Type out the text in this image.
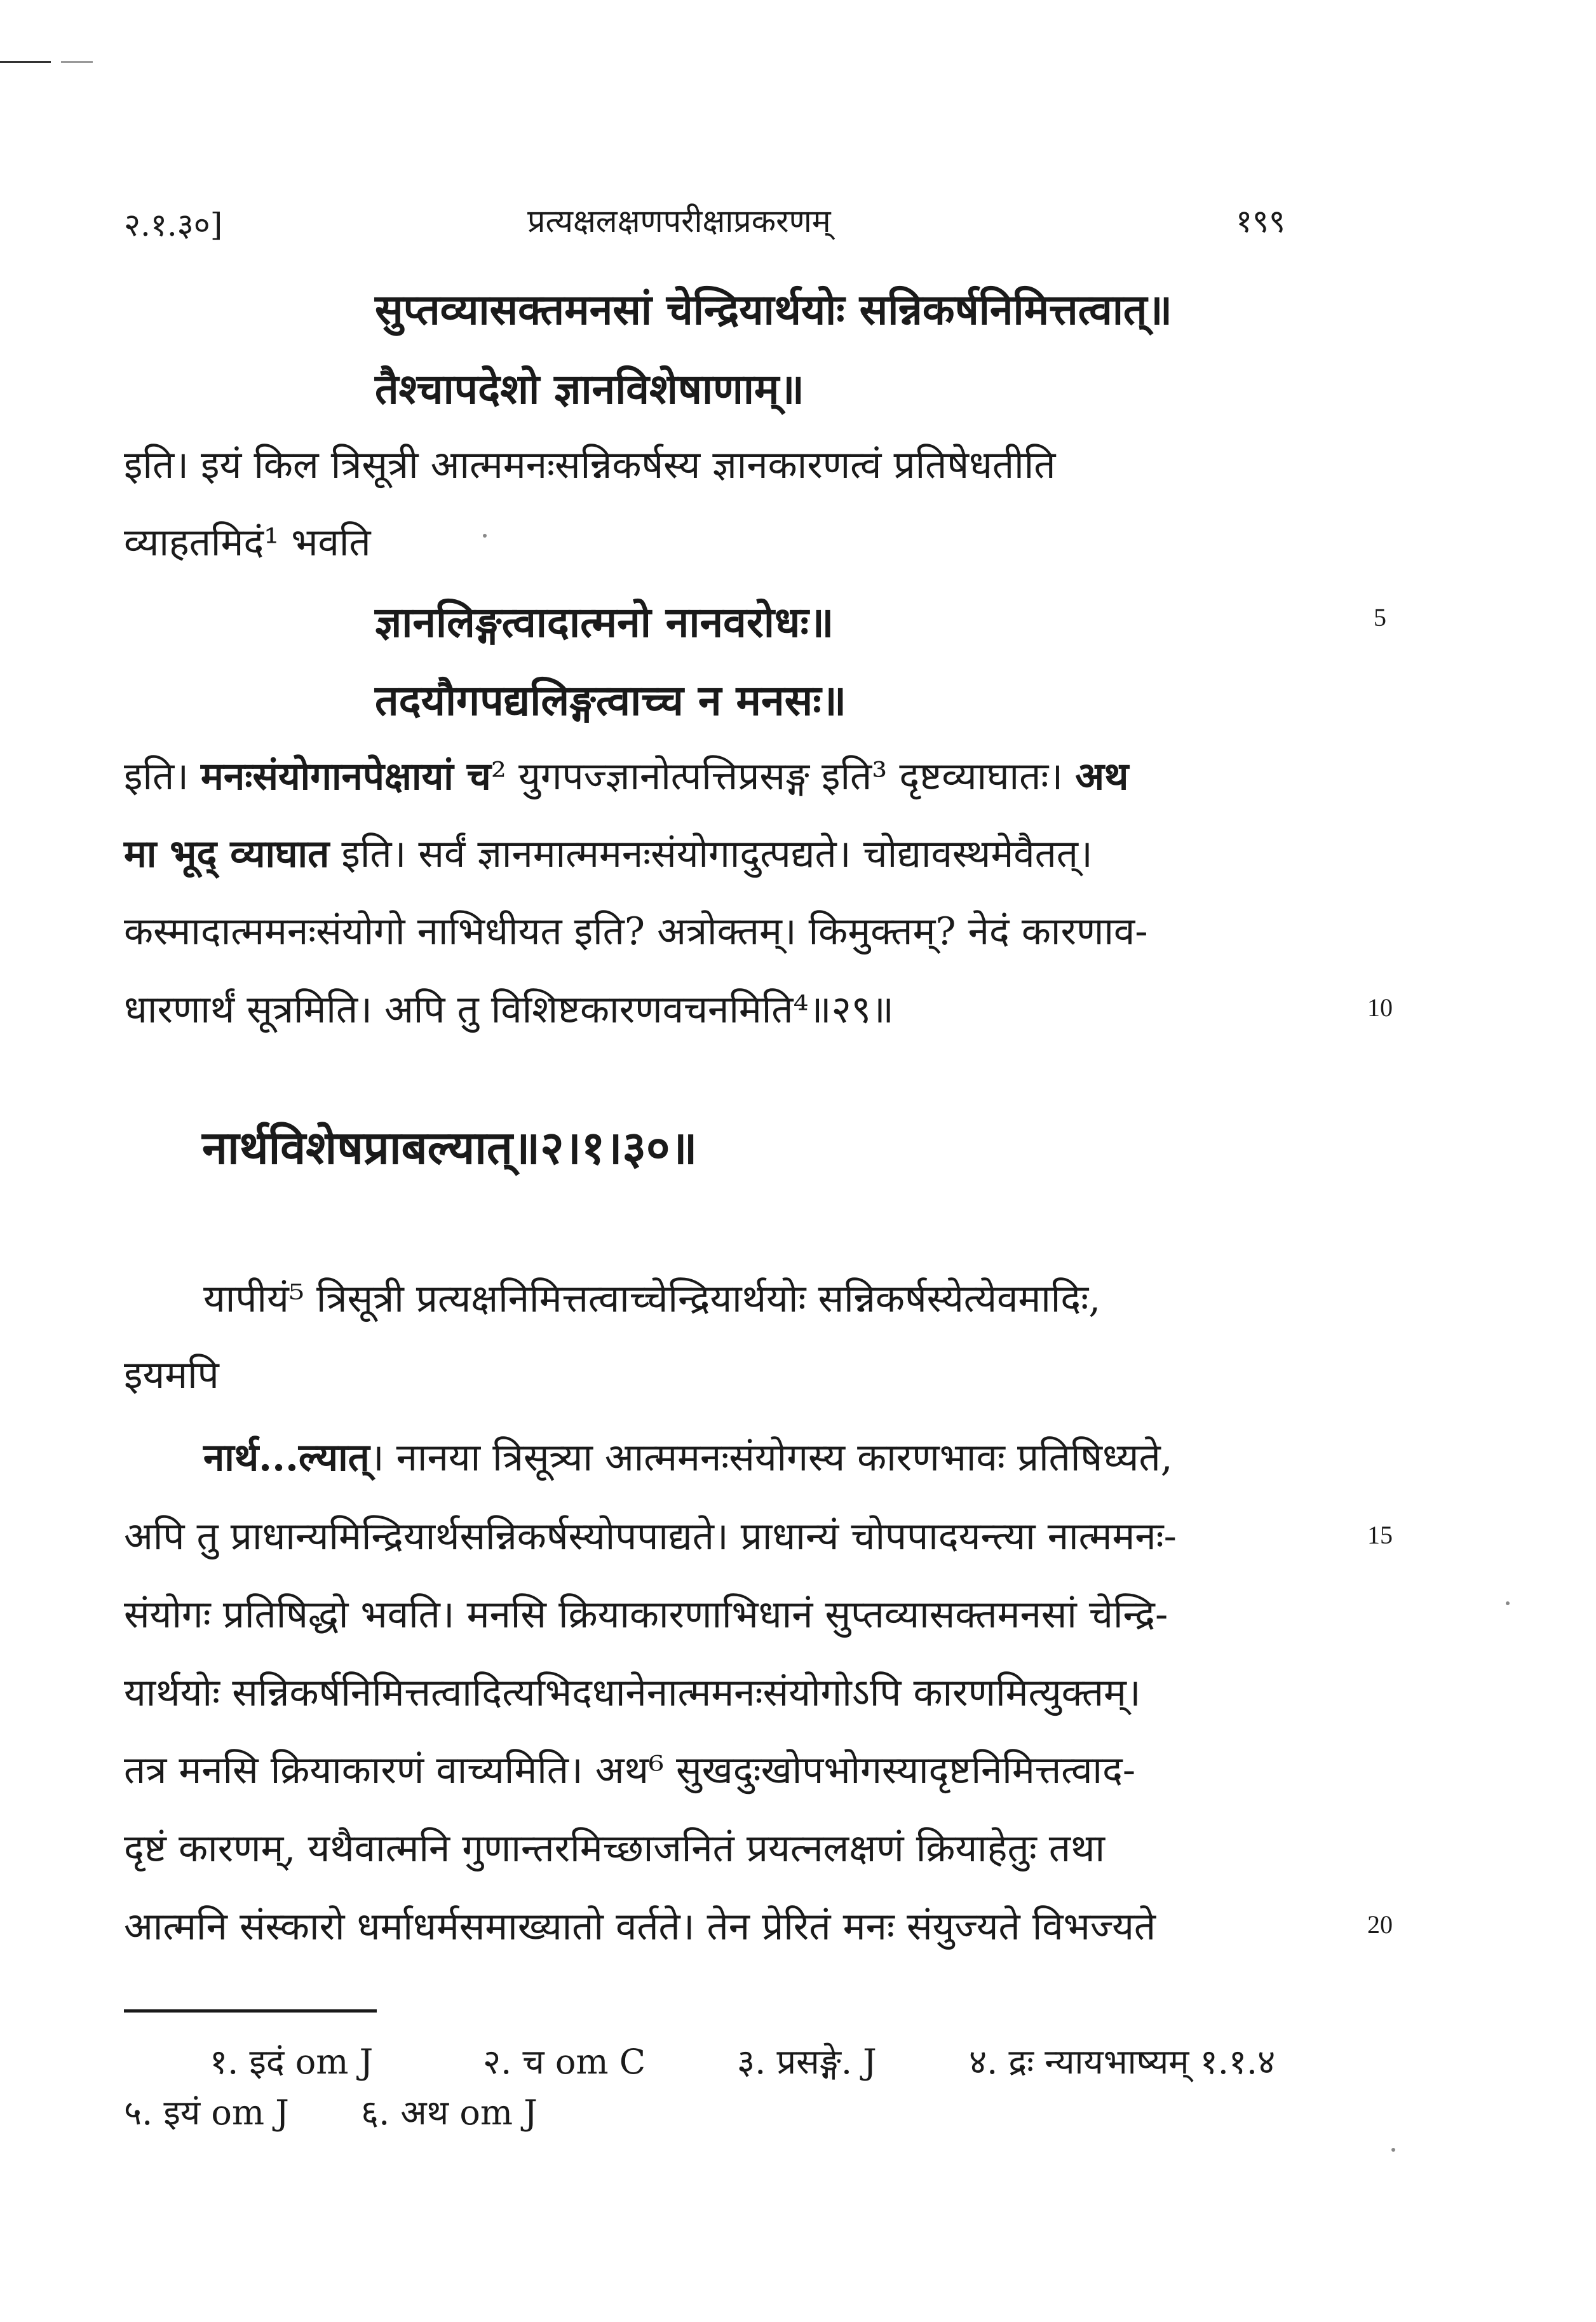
२.१.३०]	प्रत्यक्षलक्षणपरीक्षाप्रकरणम्	१९९
सुप्तव्यासक्तमनसां चेन्द्रियार्थयोः सन्निकर्षनिमित्तत्वात्॥
तैश्चापदेशो ज्ञानविशेषाणाम्॥
इति। इयं किल त्रिसूत्री आत्ममनःसन्निकर्षस्य ज्ञानकारणत्वं प्रतिषेधतीति
व्याहतमिदं¹ भवति
ज्ञानलिङ्गत्वादात्मनो नानवरोधः॥	5
तदयौगपद्यलिङ्गत्वाच्च न मनसः॥
इति। मनःसंयोगानपेक्षायां च² युगपज्ज्ञानोत्पत्तिप्रसङ्ग इति³ दृष्टव्याघातः। अथ
मा भूद् व्याघात इति। सर्वं ज्ञानमात्ममनःसंयोगादुत्पद्यते। चोद्यावस्थमेवैतत्।
कस्मादात्ममनःसंयोगो नाभिधीयत इति? अत्रोक्तम्। किमुक्तम्? नेदं कारणाव-
धारणार्थं सूत्रमिति। अपि तु विशिष्टकारणवचनमिति⁴॥२९॥	10
नार्थविशेषप्राबल्यात्॥२।१।३०॥
यापीयं⁵ त्रिसूत्री प्रत्यक्षनिमित्तत्वाच्चेन्द्रियार्थयोः सन्निकर्षस्येत्येवमादिः,
इयमपि
नार्थ...ल्यात्। नानया त्रिसूत्र्या आत्ममनःसंयोगस्य कारणभावः प्रतिषिध्यते,
अपि तु प्राधान्यमिन्द्रियार्थसन्निकर्षस्योपपाद्यते। प्राधान्यं चोपपादयन्त्या नात्ममनः-	15
संयोगः प्रतिषिद्धो भवति। मनसि क्रियाकारणाभिधानं सुप्तव्यासक्तमनसां चेन्द्रि-
यार्थयोः सन्निकर्षनिमित्तत्वादित्यभिदधानेनात्ममनःसंयोगोऽपि कारणमित्युक्तम्।
तत्र मनसि क्रियाकारणं वाच्यमिति। अथ⁶ सुखदुःखोपभोगस्यादृष्टनिमित्तत्वाद-
दृष्टं कारणम्, यथैवात्मनि गुणान्तरमिच्छाजनितं प्रयत्नलक्षणं क्रियाहेतुः तथा
आत्मनि संस्कारो धर्माधर्मसमाख्यातो वर्तते। तेन प्रेरितं मनः संयुज्यते विभज्यते	20
१. इदं om J	२. च om C	३. प्रसङ्गे. J	४. द्रः न्यायभाष्यम् १.१.४
५. इयं om J ६. अथ om J
